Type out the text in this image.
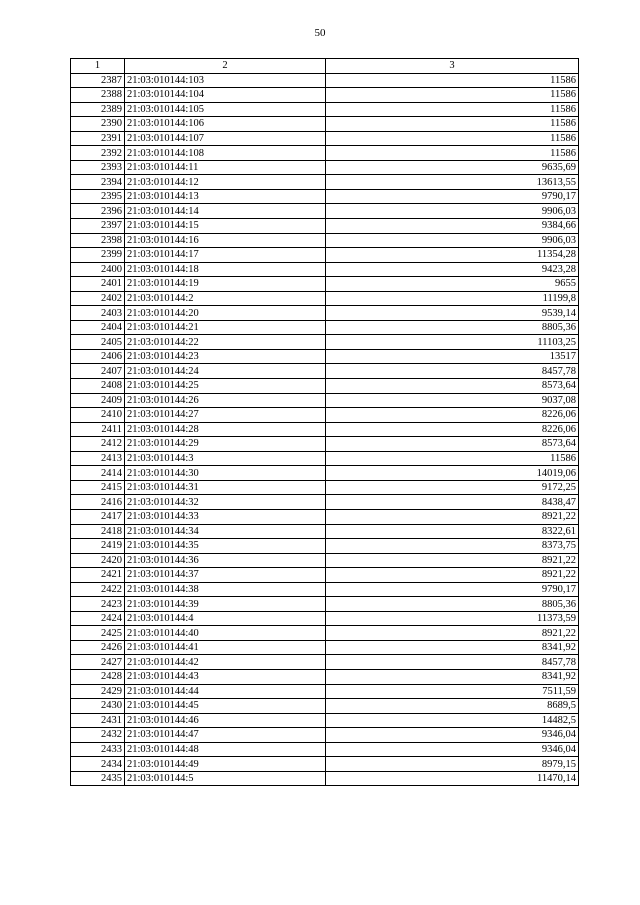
50
1	2	3
2387	21:03:010144:103	11586
2388	21:03:010144:104	11586
2389	21:03:010144:105	11586
2390	21:03:010144:106	11586
2391	21:03:010144:107	11586
2392	21:03:010144:108	11586
2393	21:03:010144:11	9635,69
2394	21:03:010144:12	13613,55
2395	21:03:010144:13	9790,17
2396	21:03:010144:14	9906,03
2397	21:03:010144:15	9384,66
2398	21:03:010144:16	9906,03
2399	21:03:010144:17	11354,28
2400	21:03:010144:18	9423,28
2401	21:03:010144:19	9655
2402	21:03:010144:2	11199,8
2403	21:03:010144:20	9539,14
2404	21:03:010144:21	8805,36
2405	21:03:010144:22	11103,25
2406	21:03:010144:23	13517
2407	21:03:010144:24	8457,78
2408	21:03:010144:25	8573,64
2409	21:03:010144:26	9037,08
2410	21:03:010144:27	8226,06
2411	21:03:010144:28	8226,06
2412	21:03:010144:29	8573,64
2413	21:03:010144:3	11586
2414	21:03:010144:30	14019,06
2415	21:03:010144:31	9172,25
2416	21:03:010144:32	8438,47
2417	21:03:010144:33	8921,22
2418	21:03:010144:34	8322,61
2419	21:03:010144:35	8373,75
2420	21:03:010144:36	8921,22
2421	21:03:010144:37	8921,22
2422	21:03:010144:38	9790,17
2423	21:03:010144:39	8805,36
2424	21:03:010144:4	11373,59
2425	21:03:010144:40	8921,22
2426	21:03:010144:41	8341,92
2427	21:03:010144:42	8457,78
2428	21:03:010144:43	8341,92
2429	21:03:010144:44	7511,59
2430	21:03:010144:45	8689,5
2431	21:03:010144:46	14482,5
2432	21:03:010144:47	9346,04
2433	21:03:010144:48	9346,04
2434	21:03:010144:49	8979,15
2435	21:03:010144:5	11470,14
